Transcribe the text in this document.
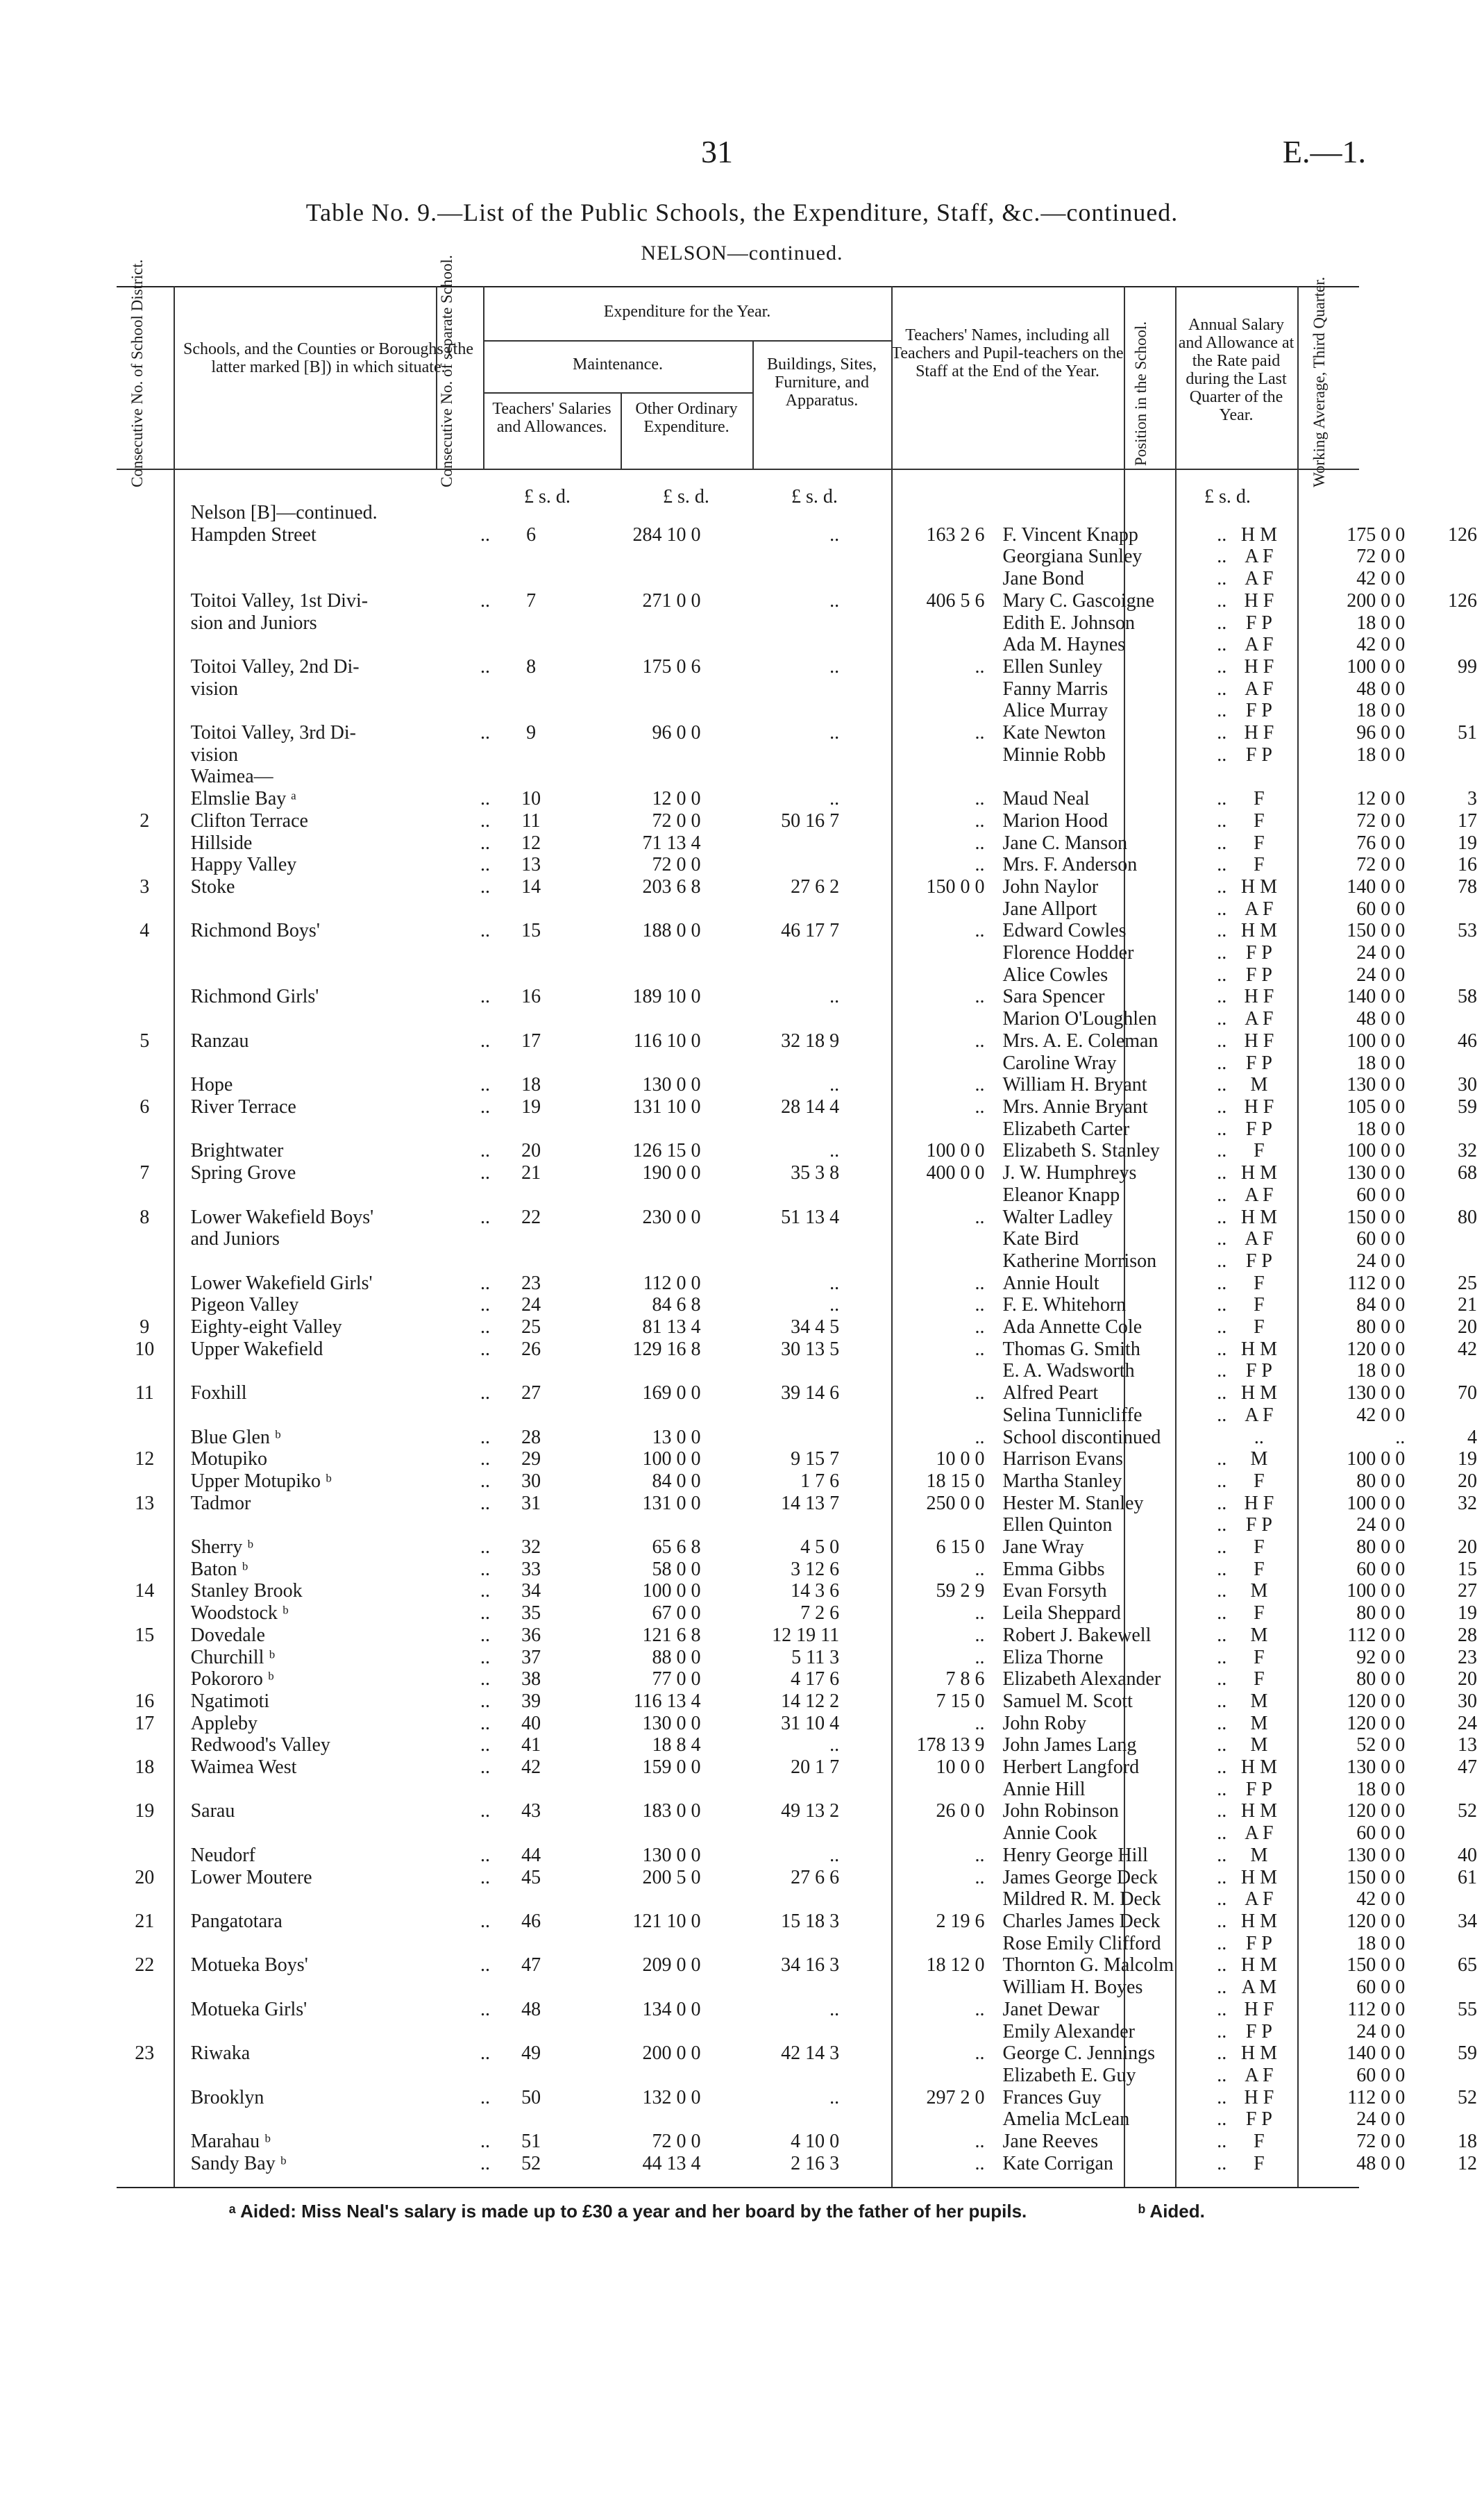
31	E.—1.
Table No. 9.—List of the Public Schools, the Expenditure, Staff, &c.—continued.
NELSON—continued.
Consecutive No. of School District.	Schools, and the Counties or Boroughs (the latter marked [B]) in which situate.
Consecutive No. of separate School.	Expenditure for the Year.
Maintenance.
Teachers' Salaries and Allowances.
Other Ordinary Expenditure.
Buildings, Sites, Furniture, and Apparatus.
Teachers' Names, including all Teachers and Pupil-teachers on the Staff at the End of the Year.	Position in the School.	Annual Salary and Allowance at the Rate paid during the Last Quarter of the Year.	Working Average, Third Quarter.
£ s. d.	£ s. d.	£ s. d.	£ s. d.
	Nelson [B]—continued.								
	Hampden Street ..	6	284 10 0	..	163 2 6	F. Vincent Knapp ..	H M	175 0 0	126
						Georgiana Sunley ..	A F	72 0 0	
						Jane Bond ..	A F	42 0 0	
	Toitoi Valley, 1st Divi- ..	7	271 0 0	..	406 5 6	Mary C. Gascoigne ..	H F	200 0 0	126
	sion and Juniors					Edith E. Johnson ..	F P	18 0 0	
						Ada M. Haynes ..	A F	42 0 0	
	Toitoi Valley, 2nd Di- ..	8	175 0 6	..	..	Ellen Sunley ..	H F	100 0 0	99
	vision					Fanny Marris ..	A F	48 0 0	
						Alice Murray ..	F P	18 0 0	
	Toitoi Valley, 3rd Di- ..	9	96 0 0	..	..	Kate Newton ..	H F	96 0 0	51
	vision					Minnie Robb ..	F P	18 0 0	
	Waimea—								
	Elmslie Bay ᵃ ..	10	12 0 0	..	..	Maud Neal ..	F	12 0 0	3
2	Clifton Terrace ..	11	72 0 0	50 16 7	..	Marion Hood ..	F	72 0 0	17
	Hillside ..	12	71 13 4		..	Jane C. Manson ..	F	76 0 0	19
	Happy Valley ..	13	72 0 0		..	Mrs. F. Anderson ..	F	72 0 0	16
3	Stoke ..	14	203 6 8	27 6 2	150 0 0	John Naylor ..	H M	140 0 0	78
						Jane Allport ..	A F	60 0 0	
4	Richmond Boys' ..	15	188 0 0	46 17 7	..	Edward Cowles ..	H M	150 0 0	53
						Florence Hodder ..	F P	24 0 0	
						Alice Cowles ..	F P	24 0 0	
	Richmond Girls' ..	16	189 10 0	..	..	Sara Spencer ..	H F	140 0 0	58
						Marion O'Loughlen ..	A F	48 0 0	
5	Ranzau ..	17	116 10 0	32 18 9	..	Mrs. A. E. Coleman ..	H F	100 0 0	46
						Caroline Wray ..	F P	18 0 0	
	Hope ..	18	130 0 0	..	..	William H. Bryant ..	M	130 0 0	30
6	River Terrace ..	19	131 10 0	28 14 4	..	Mrs. Annie Bryant ..	H F	105 0 0	59
						Elizabeth Carter ..	F P	18 0 0	
	Brightwater ..	20	126 15 0	..	100 0 0	Elizabeth S. Stanley ..	F	100 0 0	32
7	Spring Grove ..	21	190 0 0	35 3 8	400 0 0	J. W. Humphreys ..	H M	130 0 0	68
						Eleanor Knapp ..	A F	60 0 0	
8	Lower Wakefield Boys' ..	22	230 0 0	51 13 4	..	Walter Ladley ..	H M	150 0 0	80
	and Juniors					Kate Bird ..	A F	60 0 0	
						Katherine Morrison ..	F P	24 0 0	
	Lower Wakefield Girls' ..	23	112 0 0	..	..	Annie Hoult ..	F	112 0 0	25
	Pigeon Valley ..	24	84 6 8	..	..	F. E. Whitehorn ..	F	84 0 0	21
9	Eighty-eight Valley ..	25	81 13 4	34 4 5	..	Ada Annette Cole ..	F	80 0 0	20
10	Upper Wakefield ..	26	129 16 8	30 13 5	..	Thomas G. Smith ..	H M	120 0 0	42
						E. A. Wadsworth ..	F P	18 0 0	
11	Foxhill ..	27	169 0 0	39 14 6	..	Alfred Peart ..	H M	130 0 0	70
						Selina Tunnicliffe ..	A F	42 0 0	
	Blue Glen ᵇ ..	28	13 0 0		..	School discontinued	..	..	4
12	Motupiko ..	29	100 0 0	9 15 7	10 0 0	Harrison Evans ..	M	100 0 0	19
	Upper Motupiko ᵇ ..	30	84 0 0	1 7 6	18 15 0	Martha Stanley ..	F	80 0 0	20
13	Tadmor ..	31	131 0 0	14 13 7	250 0 0	Hester M. Stanley ..	H F	100 0 0	32
						Ellen Quinton ..	F P	24 0 0	
	Sherry ᵇ ..	32	65 6 8	4 5 0	6 15 0	Jane Wray ..	F	80 0 0	20
	Baton ᵇ ..	33	58 0 0	3 12 6	..	Emma Gibbs ..	F	60 0 0	15
14	Stanley Brook ..	34	100 0 0	14 3 6	59 2 9	Evan Forsyth ..	M	100 0 0	27
	Woodstock ᵇ ..	35	67 0 0	7 2 6	..	Leila Sheppard ..	F	80 0 0	19
15	Dovedale ..	36	121 6 8	12 19 11	..	Robert J. Bakewell ..	M	112 0 0	28
	Churchill ᵇ ..	37	88 0 0	5 11 3	..	Eliza Thorne ..	F	92 0 0	23
	Pokororo ᵇ ..	38	77 0 0	4 17 6	7 8 6	Elizabeth Alexander ..	F	80 0 0	20
16	Ngatimoti ..	39	116 13 4	14 12 2	7 15 0	Samuel M. Scott ..	M	120 0 0	30
17	Appleby ..	40	130 0 0	31 10 4	..	John Roby ..	M	120 0 0	24
	Redwood's Valley ..	41	18 8 4	..	178 13 9	John James Lang ..	M	52 0 0	13
18	Waimea West ..	42	159 0 0	20 1 7	10 0 0	Herbert Langford ..	H M	130 0 0	47
						Annie Hill ..	F P	18 0 0	
19	Sarau ..	43	183 0 0	49 13 2	26 0 0	John Robinson ..	H M	120 0 0	52
						Annie Cook ..	A F	60 0 0	
	Neudorf ..	44	130 0 0	..	..	Henry George Hill ..	M	130 0 0	40
20	Lower Moutere ..	45	200 5 0	27 6 6	..	James George Deck ..	H M	150 0 0	61
						Mildred R. M. Deck ..	A F	42 0 0	
21	Pangatotara ..	46	121 10 0	15 18 3	2 19 6	Charles James Deck ..	H M	120 0 0	34
						Rose Emily Clifford ..	F P	18 0 0	
22	Motueka Boys' ..	47	209 0 0	34 16 3	18 12 0	Thornton G. Malcolm ..	H M	150 0 0	65
						William H. Boyes ..	A M	60 0 0	
	Motueka Girls' ..	48	134 0 0	..	..	Janet Dewar ..	H F	112 0 0	55
						Emily Alexander ..	F P	24 0 0	
23	Riwaka ..	49	200 0 0	42 14 3	..	George C. Jennings ..	H M	140 0 0	59
						Elizabeth E. Guy ..	A F	60 0 0	
	Brooklyn ..	50	132 0 0	..	297 2 0	Frances Guy ..	H F	112 0 0	52
						Amelia McLean ..	F P	24 0 0	
	Marahau ᵇ ..	51	72 0 0	4 10 0	..	Jane Reeves ..	F	72 0 0	18
	Sandy Bay ᵇ ..	52	44 13 4	2 16 3	..	Kate Corrigan ..	F	48 0 0	12
ᵃ Aided: Miss Neal's salary is made up to £30 a year and her board by the father of her pupils.	ᵇ Aided.
